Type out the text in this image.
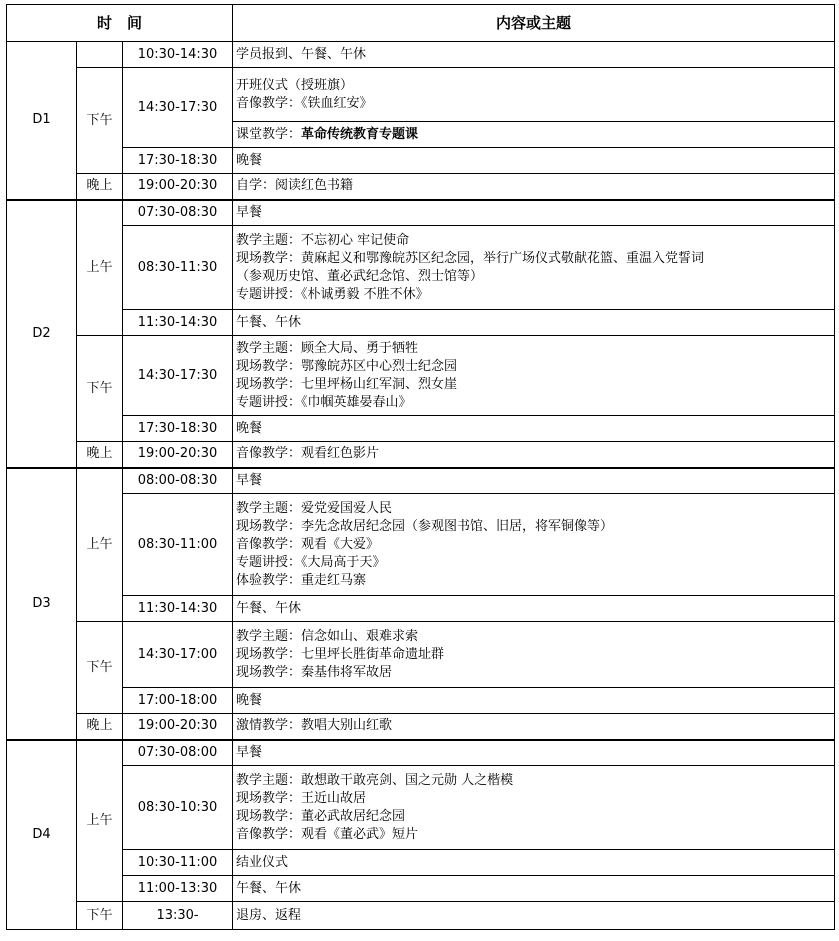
时　间			内容或主题
D1		10:30-14:30	学员报到、午餐、午休

	下午	14:30-17:30	开班仪式（授班旗）
音像教学：《铁血红安》

			课堂教学：革命传统教育专题课
		17:30-18:30	晚餐

	晚上	19:00-20:30	自学：阅读红色书籍

D2	上午	07:30-08:30	早餐

		08:30-11:30	教学主题：不忘初心 牢记使命
现场教学：黄麻起义和鄂豫皖苏区纪念园，举行广场仪式敬献花篮、重温入党誓词
（参观历史馆、董必武纪念馆、烈士馆等）
专题讲授：《朴诚勇毅 不胜不休》

		11:30-14:30	午餐、午休

	下午	14:30-17:30	教学主题：顾全大局、勇于牺牲
现场教学：鄂豫皖苏区中心烈士纪念园
现场教学：七里坪杨山红军洞、烈女崖
专题讲授：《巾帼英雄晏春山》

		17:30-18:30	晚餐

	晚上	19:00-20:30	音像教学：观看红色影片

D3	上午	08:00-08:30	早餐

		08:30-11:00	教学主题：爱党爱国爱人民
现场教学：李先念故居纪念园（参观图书馆、旧居，将军铜像等）
音像教学：观看《大爱》
专题讲授：《大局高于天》
体验教学：重走红马寨

		11:30-14:30	午餐、午休

	下午	14:30-17:00	教学主题：信念如山、艰难求索
现场教学：七里坪长胜街革命遗址群
现场教学：秦基伟将军故居

		17:00-18:00	晚餐

	晚上	19:00-20:30	激情教学：教唱大别山红歌

D4	上午	07:30-08:00	早餐

		08:30-10:30	教学主题：敢想敢干敢亮剑、国之元勋 人之楷模
现场教学：王近山故居
现场教学：董必武故居纪念园
音像教学：观看《董必武》短片

		10:30-11:00	结业仪式

		11:00-13:30	午餐、午休

	下午	13:30-	退房、返程
